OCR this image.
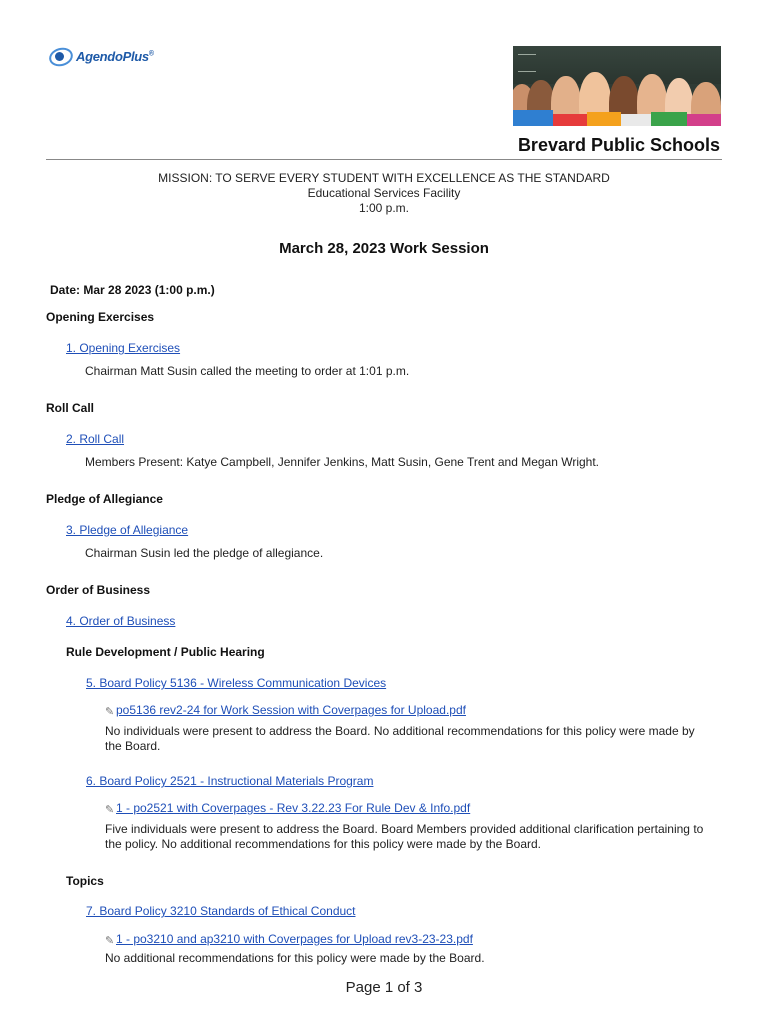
AgendoPlus®
Brevard Public Schools
MISSION: TO SERVE EVERY STUDENT WITH EXCELLENCE AS THE STANDARD
Educational Services Facility
1:00 p.m.
March 28, 2023 Work Session
Date: Mar 28 2023 (1:00 p.m.)
Opening Exercises
1. Opening Exercises
Chairman Matt Susin called the meeting to order at 1:01 p.m.
Roll Call
2. Roll Call
Members Present: Katye Campbell, Jennifer Jenkins, Matt Susin, Gene Trent and Megan Wright.
Pledge of Allegiance
3. Pledge of Allegiance
Chairman Susin led the pledge of allegiance.
Order of Business
4. Order of Business
Rule Development / Public Hearing
5. Board Policy 5136 - Wireless Communication Devices
✎ po5136 rev2-24 for Work Session with Coverpages for Upload.pdf
No individuals were present to address the Board. No additional recommendations for this policy were made by the Board.
6. Board Policy 2521 - Instructional Materials Program
✎ 1 - po2521 with Coverpages - Rev 3.22.23 For Rule Dev & Info.pdf
Five individuals were present to address the Board. Board Members provided additional clarification pertaining to the policy. No additional recommendations for this policy were made by the Board.
Topics
7. Board Policy 3210 Standards of Ethical Conduct
✎ 1 - po3210 and ap3210 with Coverpages for Upload rev3-23-23.pdf
No additional recommendations for this policy were made by the Board.
Page 1 of 3
